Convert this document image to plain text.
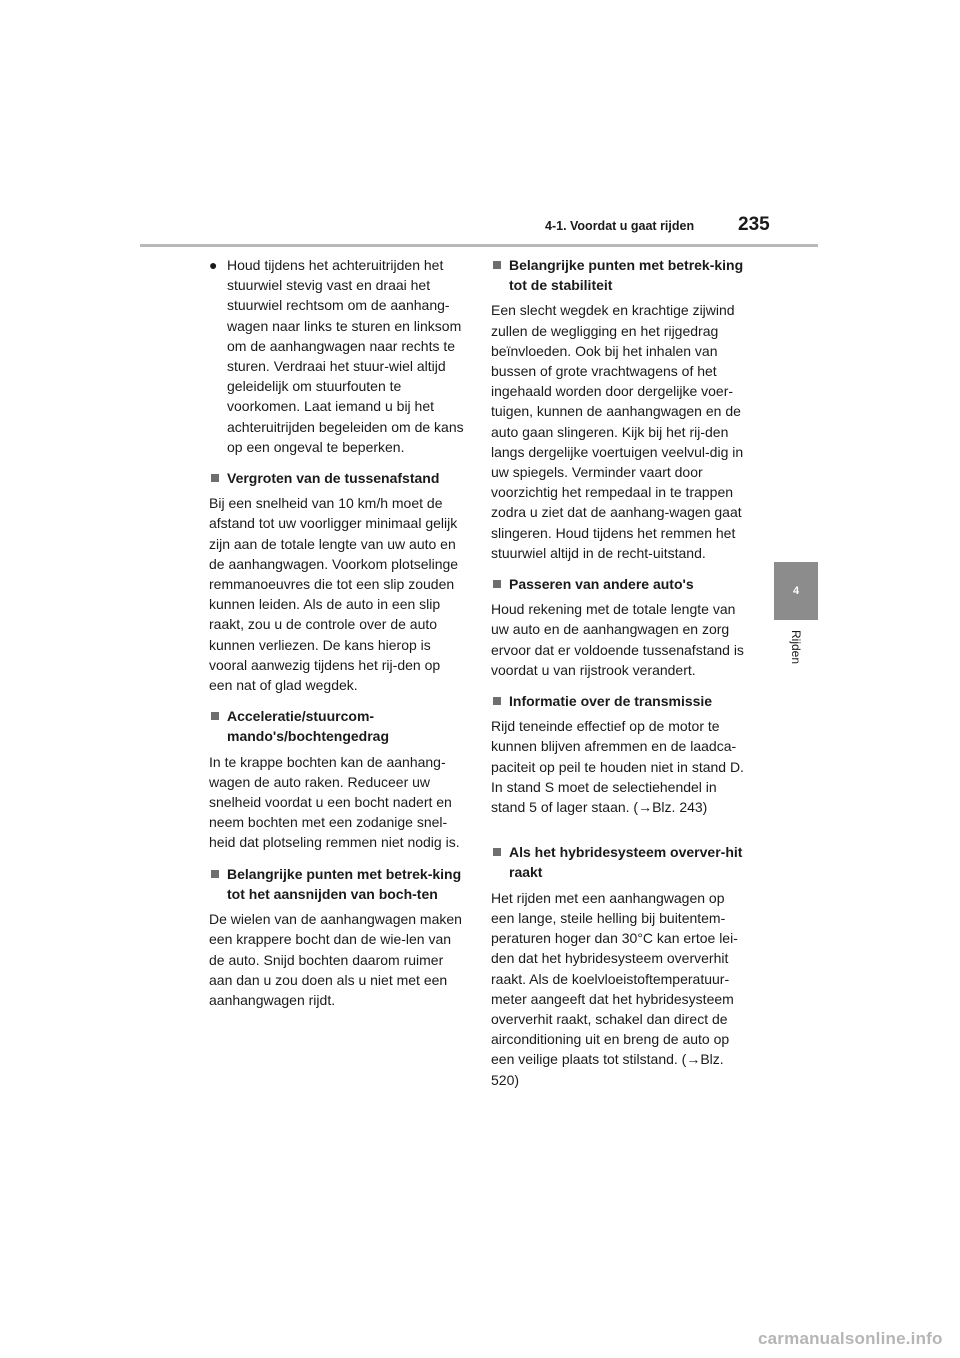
4-1. Voordat u gaat rijden 235
4
Rijden
● Houd tijdens het achteruitrijden het stuurwiel stevig vast en draai het stuurwiel rechtsom om de aanhang-wagen naar links te sturen en linksom om de aanhangwagen naar rechts te sturen. Verdraai het stuur-wiel altijd geleidelijk om stuurfouten te voorkomen. Laat iemand u bij het achteruitrijden begeleiden om de kans op een ongeval te beperken.
Vergroten van de tussenafstand

Bij een snelheid van 10 km/h moet de afstand tot uw voorligger minimaal gelijk zijn aan de totale lengte van uw auto en de aanhangwagen. Voorkom plotselinge remmanoeuvres die tot een slip zouden kunnen leiden. Als de auto in een slip raakt, zou u de controle over de auto kunnen verliezen. De kans hierop is vooral aanwezig tijdens het rij-den op een nat of glad wegdek.

Acceleratie/stuurcom-mando's/bochtengedrag

In te krappe bochten kan de aanhang-wagen de auto raken. Reduceer uw snelheid voordat u een bocht nadert en neem bochten met een zodanige snel-heid dat plotseling remmen niet nodig is.

Belangrijke punten met betrek-king tot het aansnijden van boch-ten

De wielen van de aanhangwagen maken een krappere bocht dan de wie-len van de auto. Snijd bochten daarom ruimer aan dan u zou doen als u niet met een aanhangwagen rijdt.

Belangrijke punten met betrek-king tot de stabiliteit

Een slecht wegdek en krachtige zijwind zullen de wegligging en het rijgedrag beïnvloeden. Ook bij het inhalen van bussen of grote vrachtwagens of het ingehaald worden door dergelijke voer-tuigen, kunnen de aanhangwagen en de auto gaan slingeren. Kijk bij het rij-den langs dergelijke voertuigen veelvul-dig in uw spiegels. Verminder vaart door voorzichtig het rempedaal in te trappen zodra u ziet dat de aanhang-wagen gaat slingeren. Houd tijdens het remmen het stuurwiel altijd in de recht-uitstand.

Passeren van andere auto's

Houd rekening met de totale lengte van uw auto en de aanhangwagen en zorg ervoor dat er voldoende tussenafstand is voordat u van rijstrook verandert.

Informatie over de transmissie

Rijd teneinde effectief op de motor te kunnen blijven afremmen en de laadca-paciteit op peil te houden niet in stand D. In stand S moet de selectiehendel in stand 5 of lager staan. (→Blz. 243)

Als het hybridesysteem overver-hit raakt

Het rijden met een aanhangwagen op een lange, steile helling bij buitentem-peraturen hoger dan 30°C kan ertoe lei-den dat het hybridesysteem oververhit raakt. Als de koelvloeistoftemperatuur-meter aangeeft dat het hybridesysteem oververhit raakt, schakel dan direct de airconditioning uit en breng de auto op een veilige plaats tot stilstand. (→Blz. 520)

carmanualsonline.info
